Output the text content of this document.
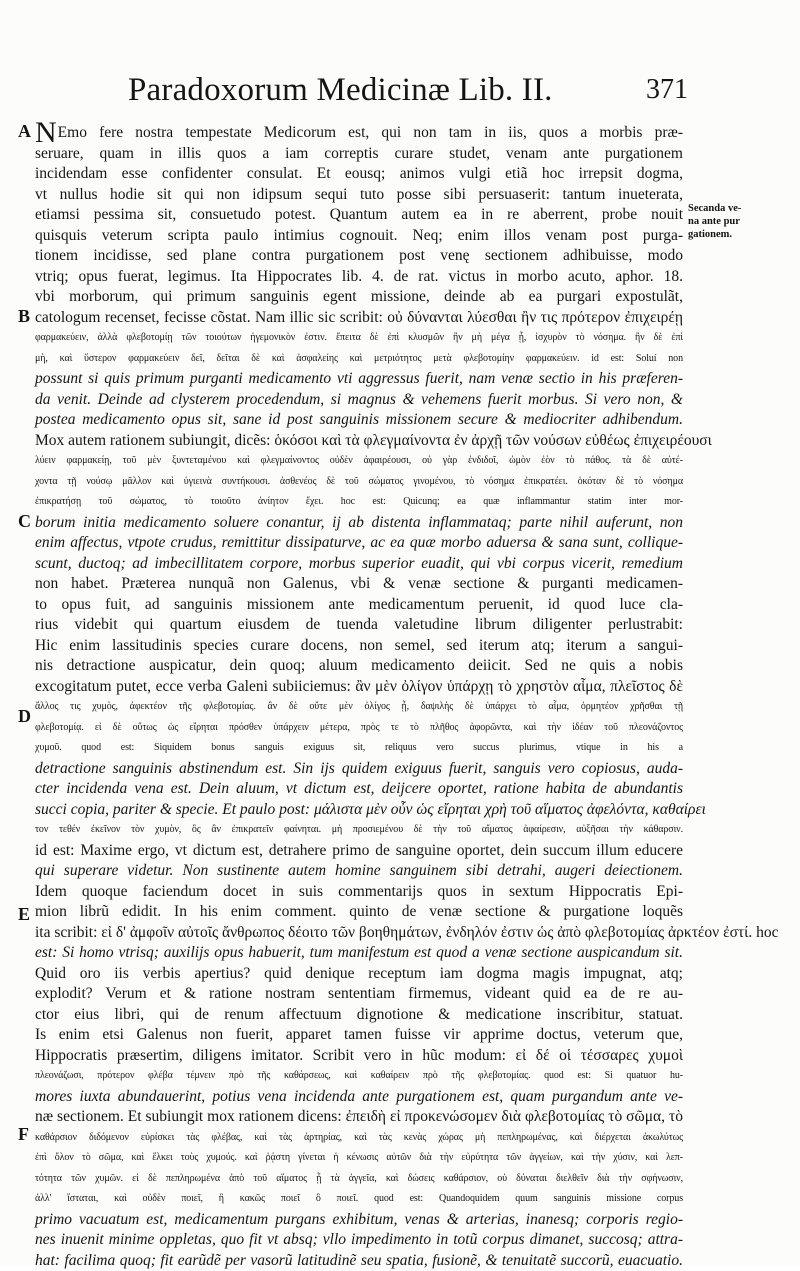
Paradoxorum Medicinæ Lib. II.	371
NEmo fere nostra tempestate Medicorum est, qui non tam in iis, quos a morbis præ-
seruare, quam in illis quos a iam correptis curare studet, venam ante purgationem
incidendam esse confidenter consulat. Et eousq; animos vulgi etiã hoc irrepsit dogma,
vt nullus hodie sit qui non idipsum sequi tuto posse sibi persuaserit: tantum inueterata,
etiamsi pessima sit, consuetudo potest. Quantum autem ea in re aberrent, probe nouit
quisquis veterum scripta paulo intimius cognouit. Neq; enim illos venam post purga-
tionem incidisse, sed plane contra purgationem post venę sectionem adhibuisse, modo
vtriq; opus fuerat, legimus. Ita Hippocrates lib. 4. de rat. victus in morbo acuto, aphor. 18.
vbi morborum, qui primum sanguinis egent missione, deinde ab ea purgari expostulãt,
catologum recenset, fecisse cõstat. Nam illic sic scribit: οὐ δύνανται λύεσθαι ἢν τις πρότερον ἐπιχειρέῃ
φαρμακεύειν, ἀλλὰ φλεβοτομίῃ τῶν τοιούτων ἡγεμονικὸν ἐστιν. ἔπειτα δὲ ἐπὶ κλυσμῶν ἢν μὴ μέγα ᾖ, ἰσχυρὸν τὸ νόσημα. ἢν δὲ ἐπὶ
μὴ, καὶ ὕστερον φαρμακεύειν δεῖ, δεῖται δὲ καὶ ἀσφαλείης καὶ μετριότητος μετὰ φλεβοτομίην φαρμακεύειν. id est: Soluí non
possunt si quis primum purganti medicamento vti aggressus fuerit, nam venæ sectio in his præferen-
da venit. Deinde ad clysterem procedendum, si magnus & vehemens fuerit morbus. Si vero non, &
postea medicamento opus sit, sane id post sanguinis missionem secure & mediocriter adhibendum.
Mox autem rationem subiungit, dicẽs: ὁκόσοι καὶ τὰ φλεγμαίνοντα ἐν ἀρχῇ τῶν νούσων εὐθέως ἐπιχειρέουσι
λύειν φαρμακείῃ, τοῦ μὲν ξυντεταμένου καὶ φλεγμαίνοντος οὐδὲν ἀφαιρέουσι, οὐ γὰρ ἐνδιδοῖ, ὠμὸν ἐὸν τὸ πάθος. τὰ δὲ αὐτέ-
χοντα τῇ νούσῳ μᾶλλον καὶ ὑγιεινὰ συντήκουσι. ἀσθενέος δὲ τοῦ σώματος γινομένου, τὸ νόσημα ἐπικρατέει. ὁκόταν δὲ τὸ νόσημα
ἐπικρατήσῃ τοῦ σώματος, τὸ τοιοῦτο ἀνίητον ἔχει. hoc est: Quicunq; ea quæ inflammantur statim inter mor-
borum initia medicamento soluere conantur, ij ab distenta inflammataq; parte nihil auferunt, non
enim affectus, vtpote crudus, remittitur dissipaturve, ac ea quæ morbo aduersa & sana sunt, collique-
scunt, ductoq; ad imbecillitatem corpore, morbus superior euadit, qui vbi corpus vicerit, remedium
non habet. Præterea nunquã non Galenus, vbi & venæ sectione & purganti medicamen-
to opus fuit, ad sanguinis missionem ante medicamentum peruenit, id quod luce cla-
rius videbit qui quartum eiusdem de tuenda valetudine librum diligenter perlustrabit:
Hic enim lassitudinis species curare docens, non semel, sed iterum atq; iterum a sangui-
nis detractione auspicatur, dein quoq; aluum medicamento deiicit. Sed ne quis a nobis
excogitatum putet, ecce verba Galeni subiiciemus: ἂν μὲν ὀλίγον ὑπάρχῃ τὸ χρηστὸν αἷμα, πλεῖστος δὲ
ἄλλος τις χυμὸς, ἀφεκτέον τῆς φλεβοτομίας. ἂν δὲ οὔτε μὲν ὀλίγος ᾖ, δαψιλὴς δὲ ὑπάρχει τὸ αἷμα, ὁρμητέον χρῆσθαι τῇ
φλεβοτομίᾳ. εἰ δὲ οὕτως ὡς εἴρηται πρόσθεν ὑπάρχειν μέτερα, πρὸς τε τὸ πλῆθος ἀφορῶντα, καὶ τὴν ἰδέαν τοῦ πλεονάζοντος
χυμοῦ. quod est: Siquidem bonus sanguis exiguus sit, reliquus vero succus plurimus, vtique in his a
detractione sanguinis abstinendum est. Sin ijs quidem exiguus fuerit, sanguis vero copiosus, auda-
cter incidenda vena est. Dein aluum, vt dictum est, deijcere oportet, ratione habita de abundantis
succi copia, pariter & specie. Et paulo post: μάλιστα μὲν οὖν ὡς εἴρηται χρὴ τοῦ αἵματος ἀφελόντα, καθαίρει
τον τεθέν ἐκεῖνον τὸν χυμὸν, ὃς ἂν ἐπικρατεῖν φαίνηται. μὴ προσιεμένου δὲ τὴν τοῦ αἵματος ἀφαίρεσιν, αὐξῆσαι τὴν κάθαρσιν.
id est: Maxime ergo, vt dictum est, detrahere primo de sanguine oportet, dein succum illum educere
qui superare videtur. Non sustinente autem homine sanguinem sibi detrahi, augeri deiectionem.
Idem quoque faciendum docet in suis commentarijs quos in sextum Hippocratis Epi-
mion librũ edidit. In his enim comment. quinto de venæ sectione & purgatione loquẽs
ita scribit: εἰ δ' ἀμφοῖν αὐτοῖς ἄνθρωπος δέοιτο τῶν βοηθημάτων, ἐνδηλόν ἐστιν ὡς ἀπὸ φλεβοτομίας ἀρκτέον ἐστί. hoc
est: Si homo vtrisq; auxilijs opus habuerit, tum manifestum est quod a venæ sectione auspicandum sit.
Quid oro iis verbis apertius? quid denique receptum iam dogma magis impugnat, atq;
explodit? Verum et & ratione nostram sententiam firmemus, videant quid ea de re au-
ctor eius libri, qui de renum affectuum dignotione & medicatione inscribitur, statuat.
Is enim etsi Galenus non fuerit, apparet tamen fuisse vir apprime doctus, veterum que,
Hippocratis præsertim, diligens imitator. Scribit vero in hũc modum: εἰ δέ οἱ τέσσαρες χυμοὶ
πλεονάζωσι, πρότερον φλέβα τέμνειν πρὸ τῆς καθάρσεως, καὶ καθαίρειν πρὸ τῆς φλεβοτομίας. quod est: Si quatuor hu-
mores iuxta abundauerint, potius vena incidenda ante purgationem est, quam purgandum ante ve-
næ sectionem. Et subiungit mox rationem dicens: ἐπειδὴ εἰ προκενώσομεν διὰ φλεβοτομίας τὸ σῶμα, τὸ
καθάρσιον διδόμενον εὐρίσκει τὰς φλέβας, καὶ τὰς ἀρτηρίας, καὶ τὰς κενὰς χώρας μὴ πεπληρωμένας, καὶ διέρχεται ἀκωλύτως
ἐπὶ ὅλον τὸ σῶμα, καὶ ἕλκει τοὺς χυμούς. καὶ ῥᾴστη γίνεται ἡ κένωσις αὐτῶν διὰ τὴν εὐρύτητα τῶν ἀγγείων, καὶ τὴν χύσιν, καὶ λεπ-
τότητα τῶν χυμῶν. εἰ δὲ πεπληρωμένα ἀπὸ τοῦ αἵματος ᾖ τὰ ἀγγεῖα, καὶ δώσεις καθάρσιον, οὐ δύναται διελθεῖν διὰ τὴν σφήνωσιν,
ἀλλ' ἵσταται, καὶ οὐδὲν ποιεῖ, ἢ κακῶς ποιεῖ ὃ ποιεῖ. quod est: Quandoquidem quum sanguinis missione corpus
primo vacuatum est, medicamentum purgans exhibitum, venas & arterias, inanesq; corporis regio-
nes inuenit minime oppletas, quo fit vt absq; vllo impedimento in totũ corpus dimanet, succosq; attra-
hat: facilima quoq; fit earũdẽ per vasorũ latitudinẽ seu spatia, fusionẽ, & tenuitatẽ succorũ, euacuatio.
A
B
C
D
E
F
Secanda ve-
na ante pur
gationem.
